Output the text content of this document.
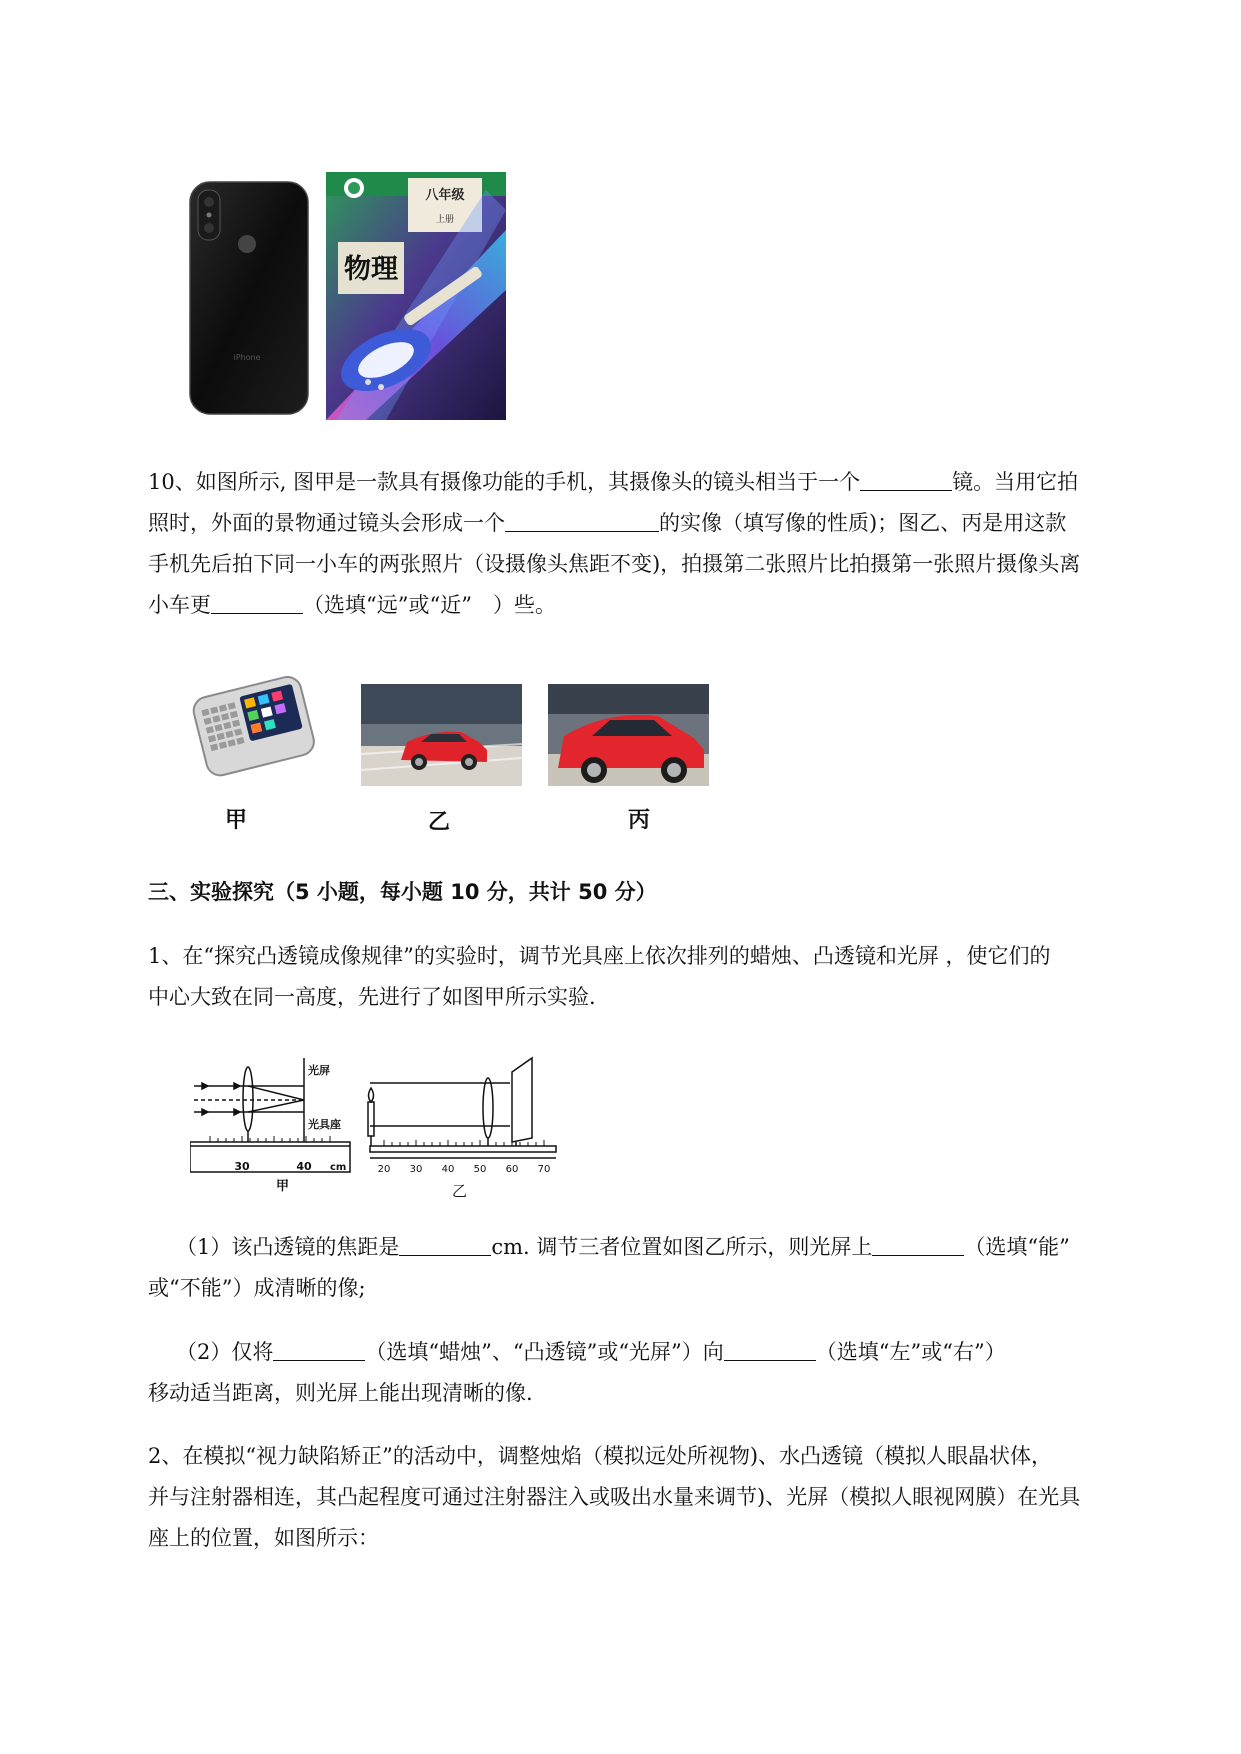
iPhone
八年级
上册
物理
10、如图所示, 图甲是一款具有摄像功能的手机，其摄像头的镜头相当于一个	镜。当用它拍
照时，外面的景物通过镜头会形成一个	的实像（填写像的性质)；图乙、丙是用这款
手机先后拍下同一小车的两张照片（设摄像头焦距不变)，拍摄第二张照片比拍摄第一张照片摄像头离
小车更	（选填“远”或“近”　）些。
甲	乙	丙
三、实验探究（5 小题，每小题 10 分，共计 50 分）
1、在“探究凸透镜成像规律”的实验时，调节光具座上依次排列的蜡烛、凸透镜和光屏 ，使它们的
中心大致在同一高度，先进行了如图甲所示实验.
光屏
光具座
30	40 cm
甲
20 30 40 50 60 70
乙
（1）该凸透镜的焦距是	cm. 调节三者位置如图乙所示，则光屏上	（选填“能”
或“不能”）成清晰的像;
（2）仅将	（选填“蜡烛”、“凸透镜”或“光屏”）向	（选填“左”或“右”）
移动适当距离，则光屏上能出现清晰的像.
2、在模拟“视力缺陷矫正”的活动中，调整烛焰（模拟远处所视物)、水凸透镜（模拟人眼晶状体，
并与注射器相连，其凸起程度可通过注射器注入或吸出水量来调节)、光屏（模拟人眼视网膜）在光具
座上的位置，如图所示：
